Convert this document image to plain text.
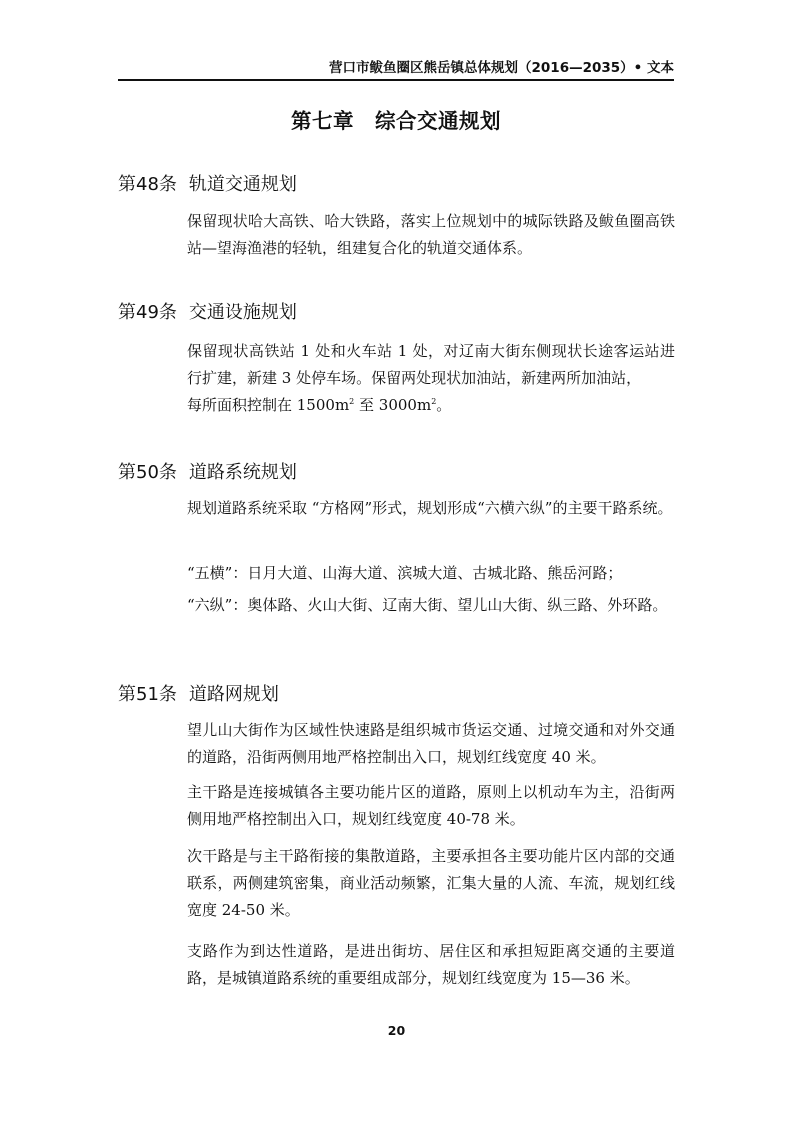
营口市鲅鱼圈区熊岳镇总体规划（2016—2035）• 文本
第七章　综合交通规划
第48条 轨道交通规划
保留现状哈大高铁、哈大铁路，落实上位规划中的城际铁路及鲅鱼圈高铁站—望海渔港的轻轨，组建复合化的轨道交通体系。
第49条 交通设施规划
保留现状高铁站 1 处和火车站 1 处，对辽南大街东侧现状长途客运站进行扩建，新建 3 处停车场。保留两处现状加油站，新建两所加油站，
每所面积控制在 $1500m^2$ 至 $3000m^2$。
第50条 道路系统规划
规划道路系统采取 “方格网”形式，规划形成“六横六纵”的主要干路系统。
“五横”：日月大道、山海大道、滨城大道、古城北路、熊岳河路；
“六纵”：奥体路、火山大街、辽南大街、望儿山大街、纵三路、外环路。
第51条 道路网规划
望儿山大街作为区域性快速路是组织城市货运交通、过境交通和对外交通的道路，沿街两侧用地严格控制出入口，规划红线宽度 40 米。
主干路是连接城镇各主要功能片区的道路，原则上以机动车为主，沿街两侧用地严格控制出入口，规划红线宽度 40-78 米。
次干路是与主干路衔接的集散道路，主要承担各主要功能片区内部的交通联系，两侧建筑密集，商业活动频繁，汇集大量的人流、车流，规划红线宽度 24-50 米。
支路作为到达性道路，是进出街坊、居住区和承担短距离交通的主要道路，是城镇道路系统的重要组成部分，规划红线宽度为 15—36 米。
20
